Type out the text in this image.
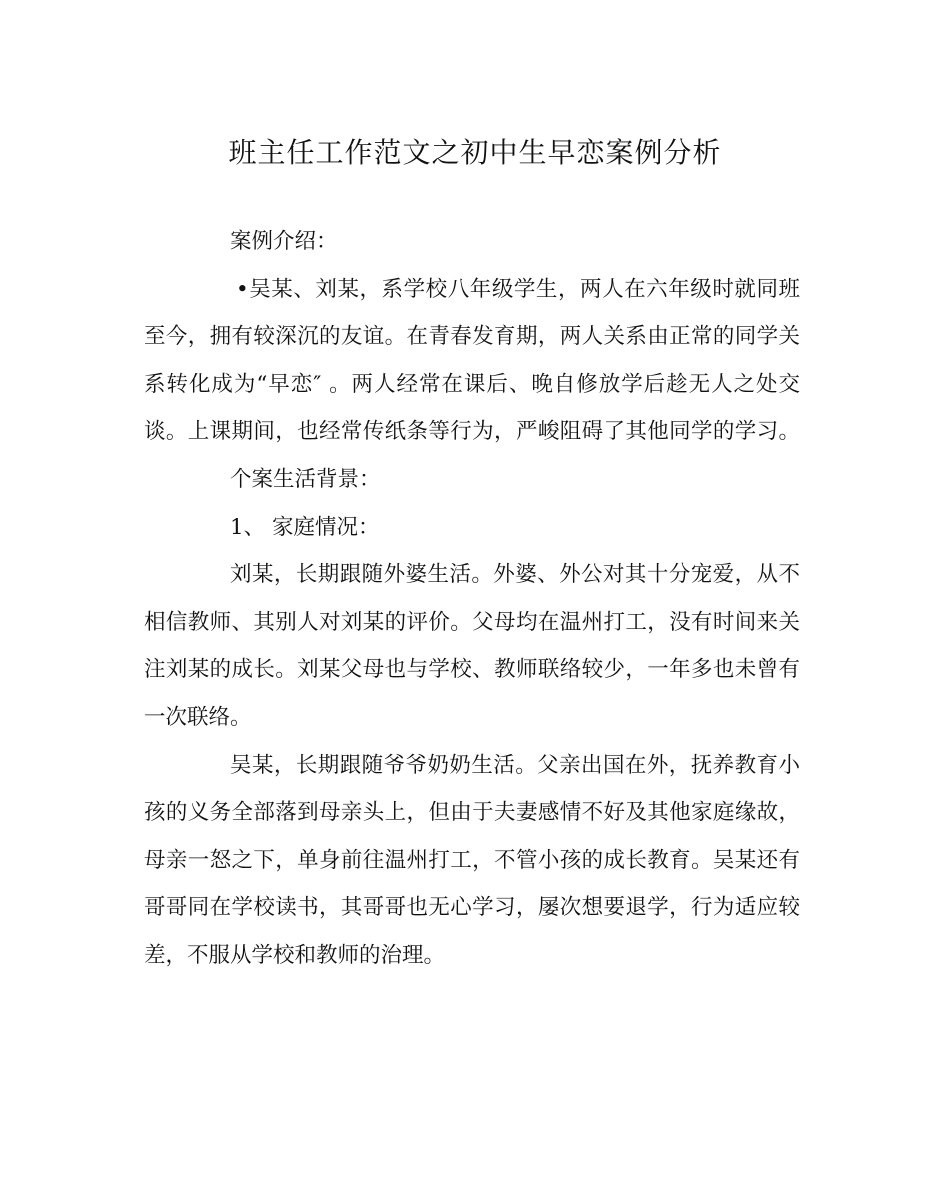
班主任工作范文之初中生早恋案例分析
案例介绍：
•吴某、刘某，系学校八年级学生，两人在六年级时就同班
至今，拥有较深沉的友谊。在青春发育期，两人关系由正常的同学关
系转化成为“早恋″ 。两人经常在课后、晚自修放学后趁无人之处交
谈。上课期间，也经常传纸条等行为，严峻阻碍了其他同学的学习。
个案生活背景：
1、 家庭情况：
刘某，长期跟随外婆生活。外婆、外公对其十分宠爱，从不
相信教师、其别人对刘某的评价。父母均在温州打工，没有时间来关
注刘某的成长。刘某父母也与学校、教师联络较少，一年多也未曾有
一次联络。
吴某，长期跟随爷爷奶奶生活。父亲出国在外，抚养教育小
孩的义务全部落到母亲头上，但由于夫妻感情不好及其他家庭缘故，
母亲一怒之下，单身前往温州打工，不管小孩的成长教育。吴某还有
哥哥同在学校读书，其哥哥也无心学习，屡次想要退学，行为适应较
差，不服从学校和教师的治理。
